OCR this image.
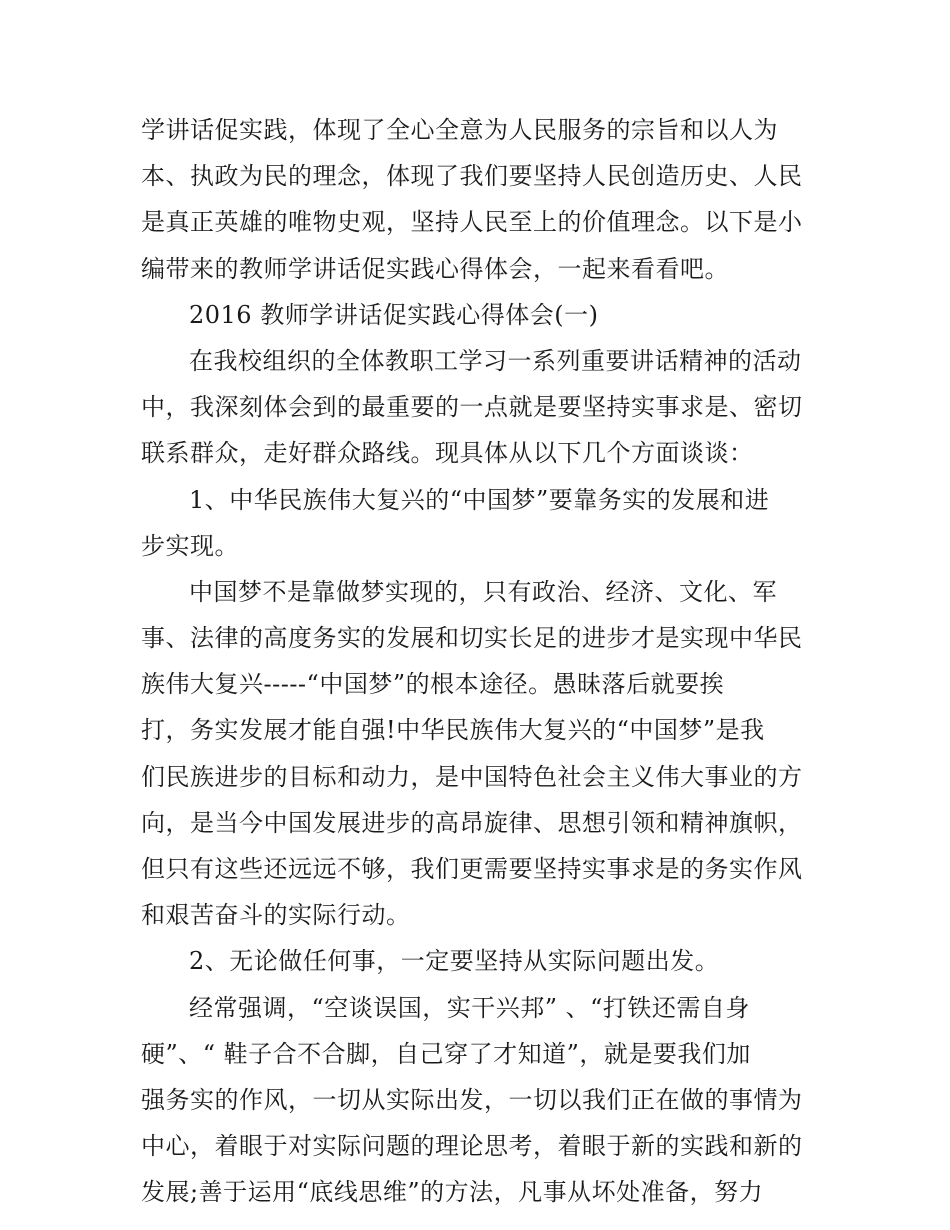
学讲话促实践，体现了全心全意为人民服务的宗旨和以人为
本、执政为民的理念，体现了我们要坚持人民创造历史、人民
是真正英雄的唯物史观，坚持人民至上的价值理念。以下是小
编带来的教师学讲话促实践心得体会，一起来看看吧。
2016 教师学讲话促实践心得体会(一)
在我校组织的全体教职工学习一系列重要讲话精神的活动
中，我深刻体会到的最重要的一点就是要坚持实事求是、密切
联系群众，走好群众路线。现具体从以下几个方面谈谈：
1、中华民族伟大复兴的“中国梦”要靠务实的发展和进
步实现。
中国梦不是靠做梦实现的，只有政治、经济、文化、军
事、法律的高度务实的发展和切实长足的进步才是实现中华民
族伟大复兴-----“中国梦”的根本途径。愚昧落后就要挨
打，务实发展才能自强!中华民族伟大复兴的“中国梦”是我
们民族进步的目标和动力，是中国特色社会主义伟大事业的方
向，是当今中国发展进步的高昂旋律、思想引领和精神旗帜，
但只有这些还远远不够，我们更需要坚持实事求是的务实作风
和艰苦奋斗的实际行动。
2、无论做任何事，一定要坚持从实际问题出发。
经常强调，“空谈误国，实干兴邦” 、“打铁还需自身
硬”、“ 鞋子合不合脚，自己穿了才知道”，就是要我们加
强务实的作风，一切从实际出发，一切以我们正在做的事情为
中心，着眼于对实际问题的理论思考，着眼于新的实践和新的
发展;善于运用“底线思维”的方法，凡事从坏处准备，努力
